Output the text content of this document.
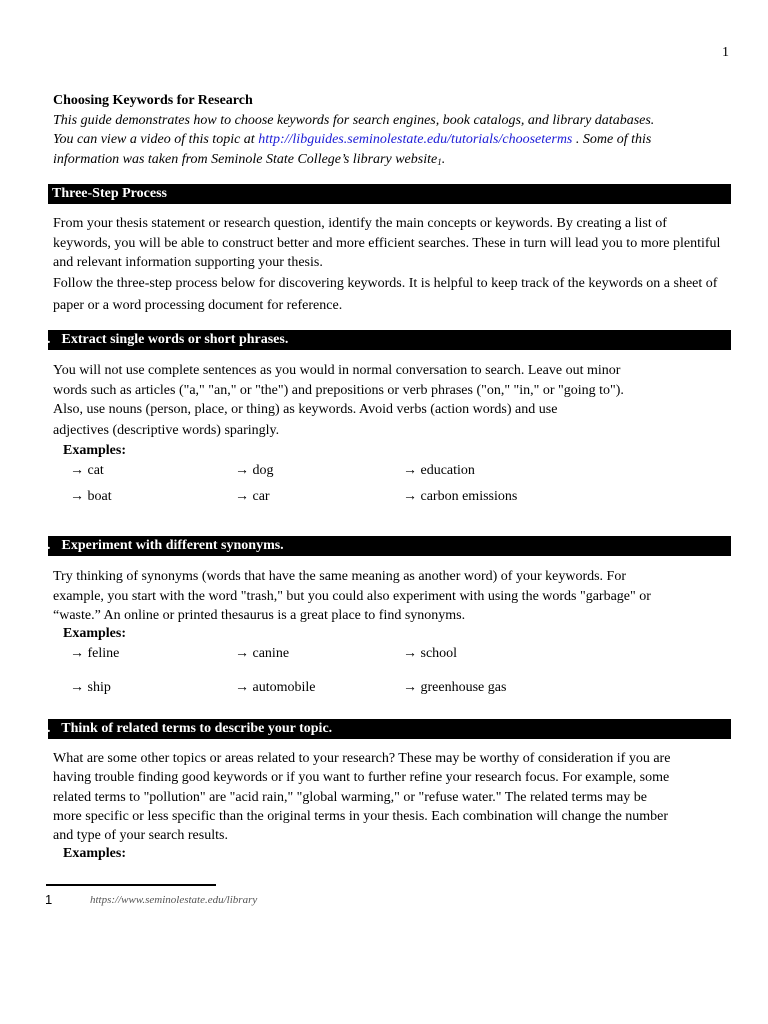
1

Choosing Keywords for Research

This guide demonstrates how to choose keywords for search engines, book catalogs, and library databases.
You can view a video of this topic at http://libguides.seminolestate.edu/tutorials/chooseterms . Some of this
information was taken from Seminole State College’s library website$_1$.

Three-Step Process

From your thesis statement or research question, identify the main concepts or keywords. By creating a list of keywords, you will be able to construct better and more efficient searches. These in turn will lead you to more plentiful and relevant information supporting your thesis.

Follow the three-step process below for discovering keywords. It is helpful to keep track of the keywords on a sheet of paper or a word processing document for reference.

1. Extract single words or short phrases.

You will not use complete sentences as you would in normal conversation to search. Leave out minor

words such as articles ("a," "an," or "the") and prepositions or verb phrases ("on," "in," or "going to").

Also, use nouns (person, place, or thing) as keywords. Avoid verbs (action words) and use

adjectives (descriptive words) sparingly.

Examples:
→ cat	→ dog	→ education
→ boat	→ car	→ carbon emissions
2. Experiment with different synonyms.

Try thinking of synonyms (words that have the same meaning as another word) of your keywords. For

example, you start with the word "trash," but you could also experiment with using the words "garbage" or

“waste.” An online or printed thesaurus is a great place to find synonyms.

Examples:
→ feline	→ canine	→ school
→ ship	→ automobile	→ greenhouse gas
3. Think of related terms to describe your topic.

What are some other topics or areas related to your research? These may be worthy of consideration if you are

having trouble finding good keywords or if you want to further refine your research focus. For example, some

related terms to "pollution" are "acid rain," "global warming," or "refuse water." The related terms may be

more specific or less specific than the original terms in your thesis. Each combination will change the number

and type of your search results.

Examples:
1	https://www.seminolestate.edu/library
